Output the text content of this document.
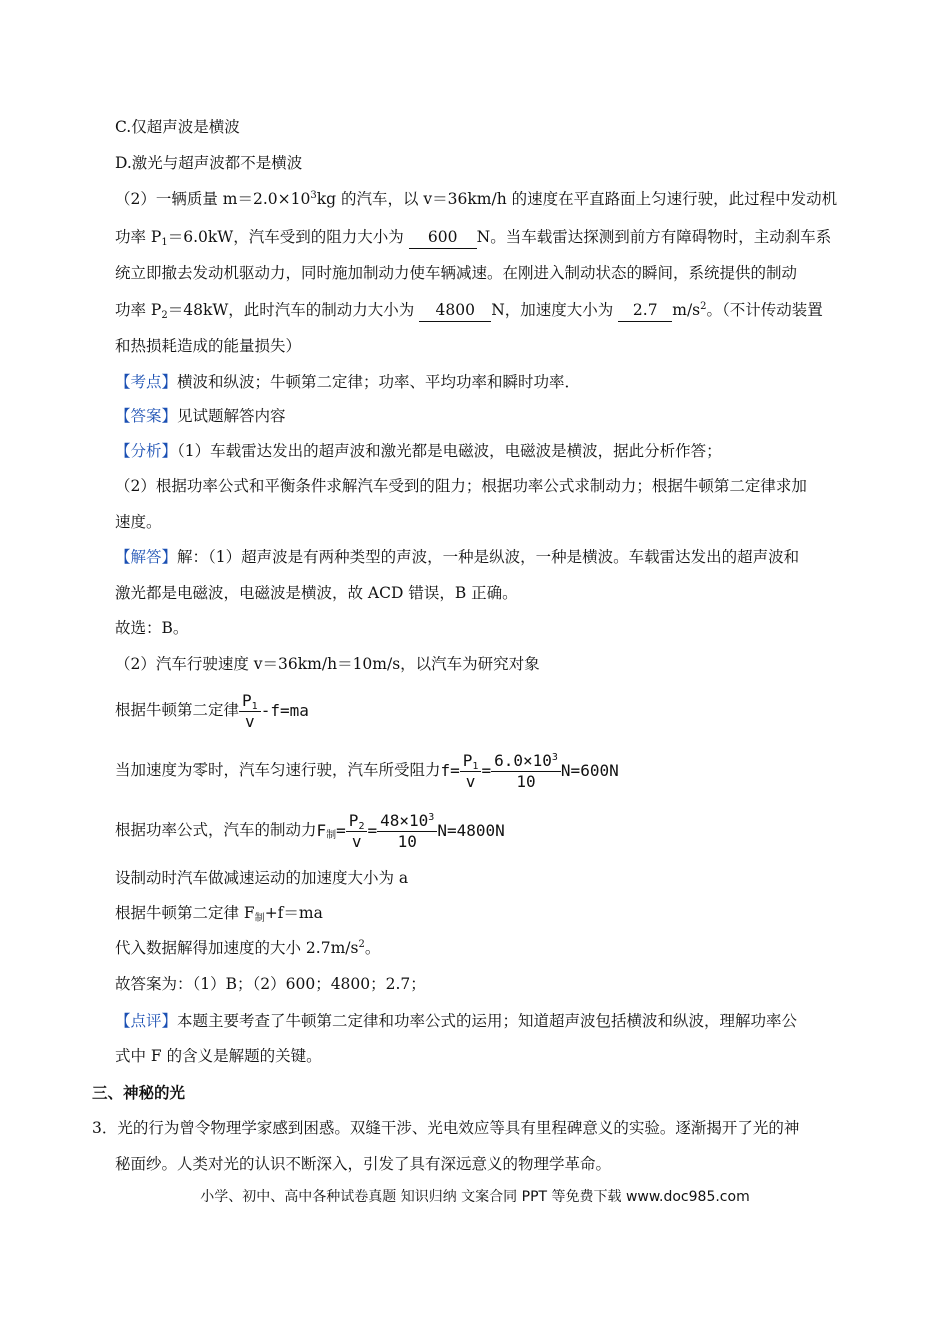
C.仅超声波是横波
D.激光与超声波都不是横波
（2）一辆质量 $m=2.0\times 10^3kg$ 的汽车，以 v＝36km/h 的速度在平直路面上匀速行驶，此过程中发动机
功率 $P_1=6.0kW$，汽车受到的阻力大小为 600 N。当车载雷达探测到前方有障碍物时，主动刹车系
统立即撤去发动机驱动力，同时施加制动力使车辆减速。在刚进入制动状态的瞬间，系统提供的制动
功率 $P_2=48kW$，此时汽车的制动力大小为 4800 N，加速度大小为 2.7 $m/s^2$。（不计传动装置
和热损耗造成的能量损失）
【考点】横波和纵波；牛顿第二定律；功率、平均功率和瞬时功率．
【答案】见试题解答内容
【分析】（1）车载雷达发出的超声波和激光都是电磁波，电磁波是横波，据此分析作答；
（2）根据功率公式和平衡条件求解汽车受到的阻力；根据功率公式求制动力；根据牛顿第二定律求加
速度。
【解答】解：（1）超声波是有两种类型的声波，一种是纵波，一种是横波。车载雷达发出的超声波和
激光都是电磁波，电磁波是横波，故 ACD 错误，B 正确。
故选：B。
（2）汽车行驶速度 v＝36km/h＝10m/s，以汽车为研究对象
根据牛顿第二定律 $\frac{P_1}{v} -f=ma$
当加速度为零时，汽车匀速行驶，汽车所受阻力$f= \frac{P_1}{v} = \frac{6.0\times 10^3}{10} N=600N$
根据功率公式，汽车的制动力$F_制= \frac{P_2}{v} = \frac{48\times 10^3}{10} N=4800N$
设制动时汽车做减速运动的加速度大小为 a
根据牛顿第二定律 $F_制+f=ma$
代入数据解得加速度的大小 $2.7m/s^2$。
故答案为：（1）B；（2）600；4800；2.7；
【点评】本题主要考查了牛顿第二定律和功率公式的运用；知道超声波包括横波和纵波，理解功率公
式中 F 的含义是解题的关键。
三、神秘的光
3．光的行为曾令物理学家感到困惑。双缝干涉、光电效应等具有里程碑意义的实验。逐渐揭开了光的神
秘面纱。人类对光的认识不断深入，引发了具有深远意义的物理学革命。
小学、初中、高中各种试卷真题 知识归纳 文案合同 PPT 等免费下载 www.doc985.com
